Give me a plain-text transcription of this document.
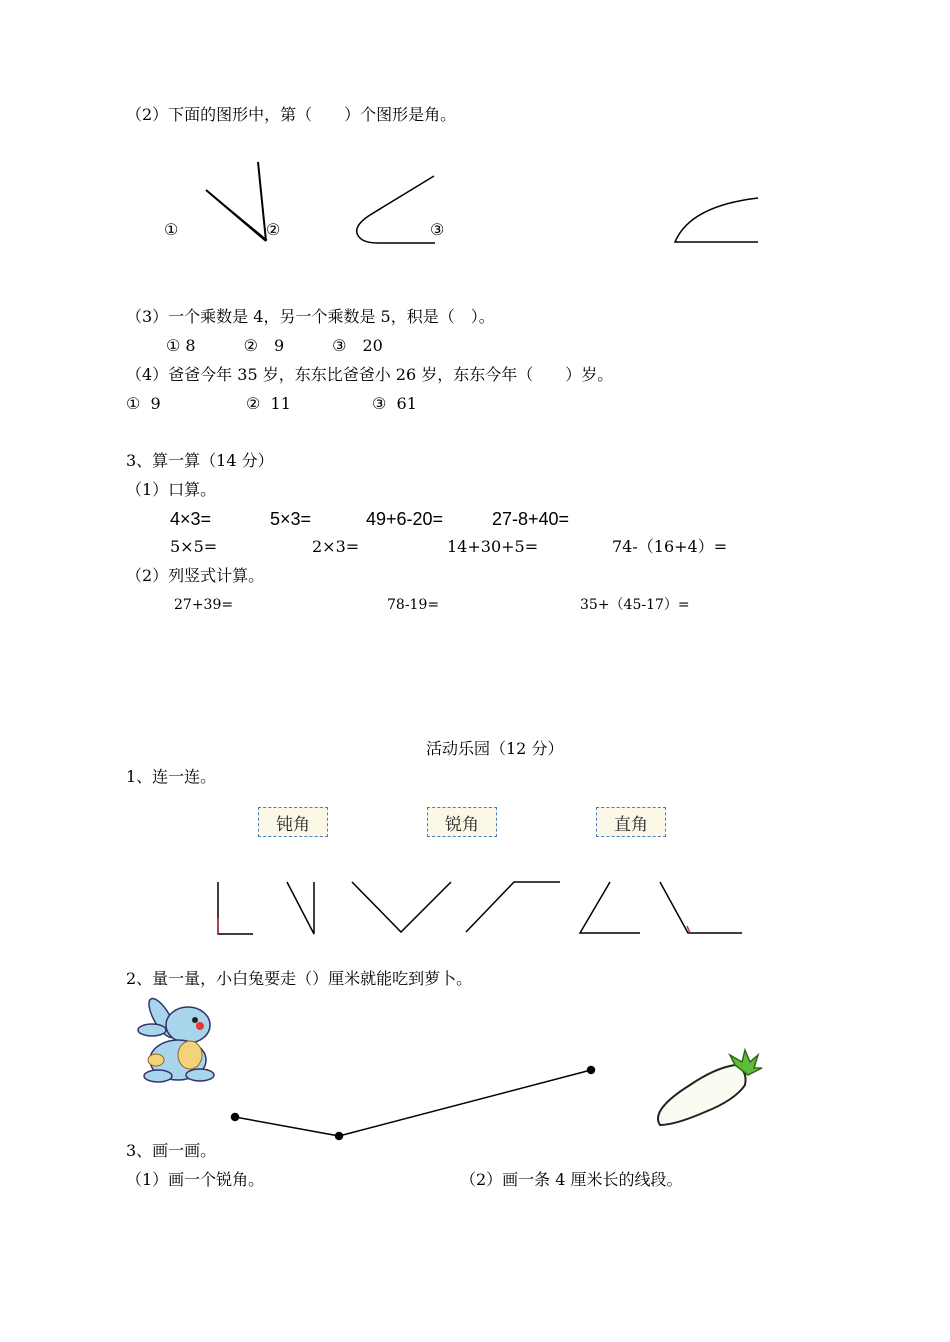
（2）下面的图形中，第（　　）个图形是角。
①	②	③
（3）一个乘数是 4，另一个乘数是 5，积是（　）。
① 8　　　②　9　　　③　20
（4）爸爸今年 35 岁，东东比爸爸小 26 岁，东东今年（　　）岁。
①  9	②  11	③  61
3、算一算（14 分）
（1）口算。
4×3=	5×3=	49+6-20=	27-8+40=
5×5=	2×3=	14+30+5=	74-（16+4）=
（2）列竖式计算。
27+39=	78-19=	35+（45-17）=
活动乐园（12 分）
1、连一连。
钝角	锐角	直角
2、量一量，小白兔要走（）厘米就能吃到萝卜。
3、画一画。
（1）画一个锐角。	（2）画一条 4 厘米长的线段。
